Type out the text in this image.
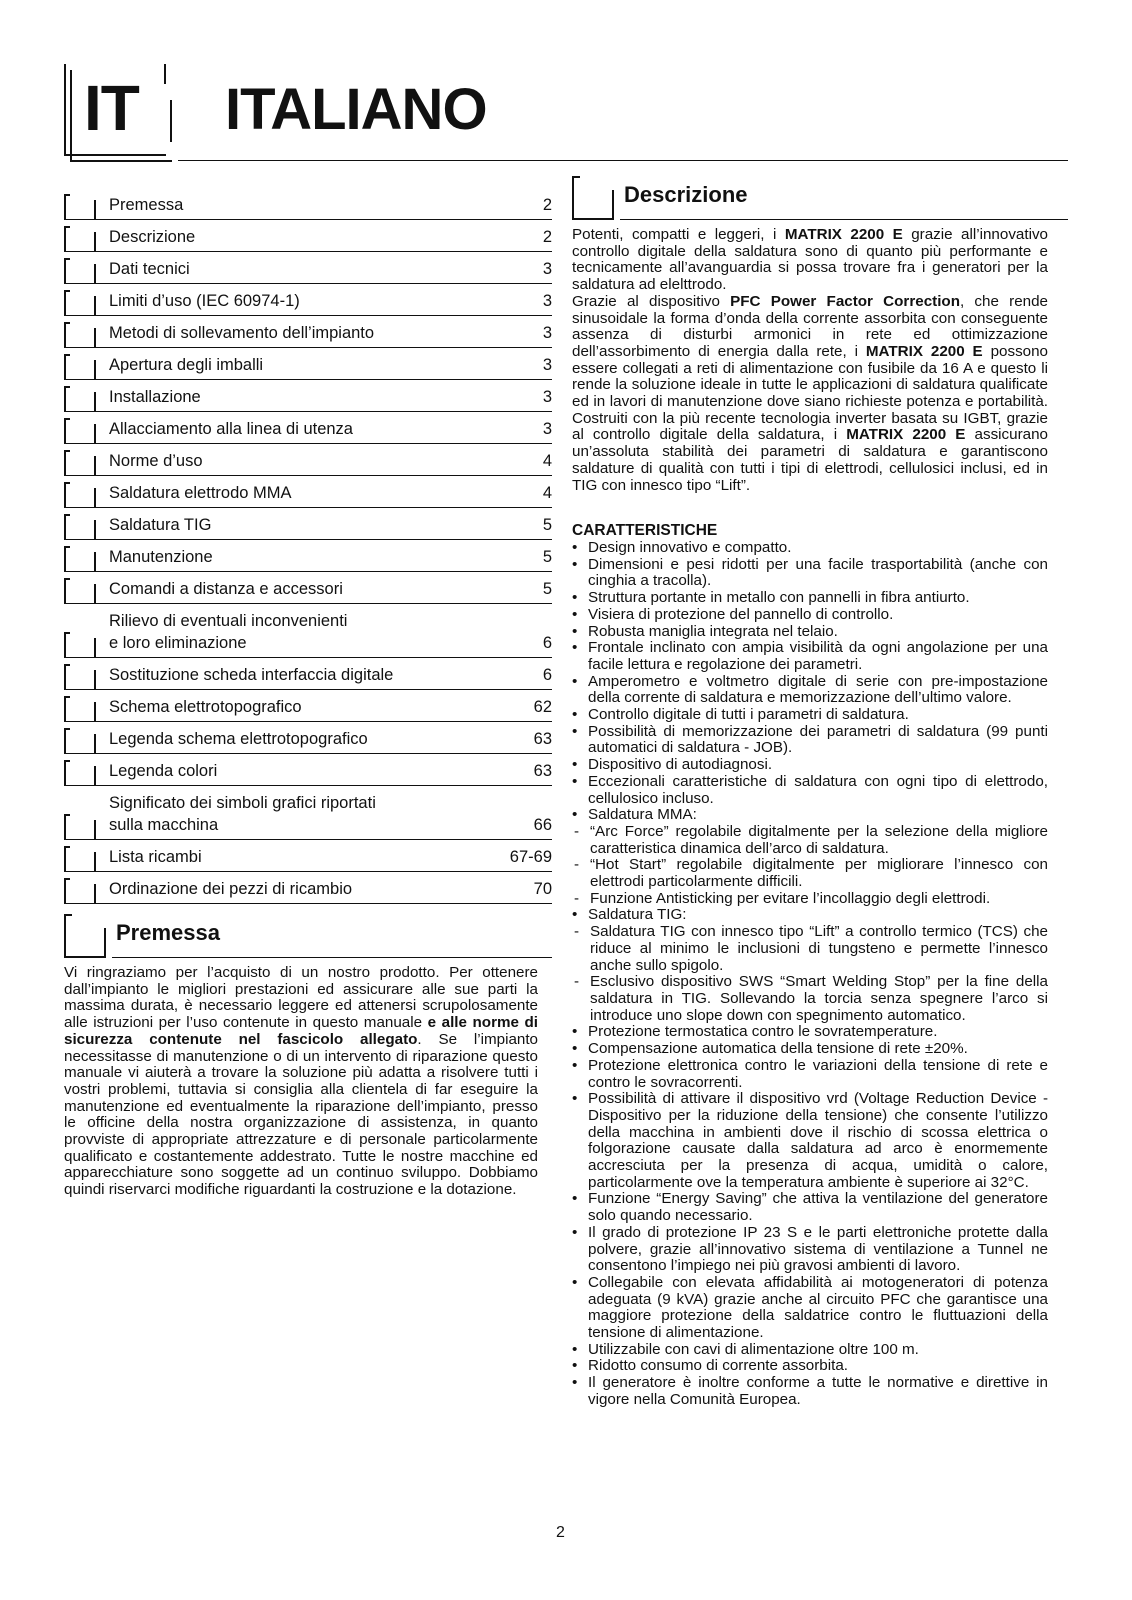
IT ITALIANO
Premessa	2
Descrizione	2
Dati tecnici	3
Limiti d’uso (IEC 60974-1)	3
Metodi di sollevamento dell’impianto	3
Apertura degli imballi	3
Installazione	3
Allacciamento alla linea di utenza	3
Norme d’uso	4
Saldatura elettrodo MMA	4
Saldatura TIG	5
Manutenzione	5
Comandi a distanza e accessori	5
Rilievo di eventuali inconvenienti
e loro eliminazione	6
Sostituzione scheda interfaccia digitale	6
Schema elettrotopografico	62
Legenda schema elettrotopografico	63
Legenda colori	63
Significato dei simboli grafici riportati
sulla macchina	66
Lista ricambi	67-69
Ordinazione dei pezzi di ricambio	70
Premessa
Vi ringraziamo per l’acquisto di un nostro prodotto. Per ottenere dall’impianto le migliori prestazioni ed assicurare alle sue parti la massima durata, è necessario leggere ed attenersi scrupolosamente alle istruzioni per l’uso contenute in questo manuale e alle norme di sicurezza contenute nel fascicolo allegato. Se l’impianto necessitasse di manutenzione o di un intervento di riparazione questo manuale vi aiuterà a trovare la soluzione più adatta a risolvere tutti i vostri problemi, tuttavia si consiglia alla clientela di far eseguire la manutenzione ed eventualmente la riparazione dell’impianto, presso le officine della nostra organizzazione di assistenza, in quanto provviste di appropriate attrezzature e di personale particolarmente qualificato e costantemente addestrato. Tutte le nostre macchine ed apparecchiature sono soggette ad un continuo sviluppo. Dobbiamo quindi riservarci modifiche riguardanti la costruzione e la dotazione.
Descrizione
Potenti, compatti e leggeri, i MATRIX 2200 E grazie all’innovativo controllo digitale della saldatura sono di quanto più performante e tecnicamente all’avanguardia si possa trovare fra i generatori per la saldatura ad elelttrodo.
Grazie al dispositivo PFC Power Factor Correction, che rende sinusoidale la forma d’onda della corrente assorbita con conseguente assenza di disturbi armonici in rete ed ottimizzazione dell’assorbimento di energia dalla rete, i MATRIX 2200 E possono essere collegati a reti di alimentazione con fusibile da 16 A e questo li rende la soluzione ideale in tutte le applicazioni di saldatura qualificate ed in lavori di manutenzione dove siano richieste potenza e portabilità. Costruiti con la più recente tecnologia inverter basata su IGBT, grazie al controllo digitale della saldatura, i MATRIX 2200 E assicurano un’assoluta stabilità dei parametri di saldatura e garantiscono saldature di qualità con tutti i tipi di elettrodi, cellulosici inclusi, ed in TIG con innesco tipo “Lift”.
CARATTERISTICHE
• Design innovativo e compatto.
• Dimensioni e pesi ridotti per una facile trasportabilità (anche con cinghia a tracolla).
• Struttura portante in metallo con pannelli in fibra antiurto.
• Visiera di protezione del pannello di controllo.
• Robusta maniglia integrata nel telaio.
• Frontale inclinato con ampia visibilità da ogni angolazione per una facile lettura e regolazione dei parametri.
• Amperometro e voltmetro digitale di serie con pre-impostazione della corrente di saldatura e memorizzazione dell’ultimo valore.
• Controllo digitale di tutti i parametri di saldatura.
• Possibilità di memorizzazione dei parametri di saldatura (99 punti automatici di saldatura - JOB).
• Dispositivo di autodiagnosi.
• Eccezionali caratteristiche di saldatura con ogni tipo di elettrodo, cellulosico incluso.
• Saldatura MMA:
- “Arc Force” regolabile digitalmente per la selezione della migliore caratteristica dinamica dell’arco di saldatura.
- “Hot Start” regolabile digitalmente per migliorare l’innesco con elettrodi particolarmente difficili.
- Funzione Antisticking per evitare l’incollaggio degli elettrodi.
• Saldatura TIG:
- Saldatura TIG con innesco tipo “Lift” a controllo termico (TCS) che riduce al minimo le inclusioni di tungsteno e permette l’innesco anche sullo spigolo.
- Esclusivo dispositivo SWS “Smart Welding Stop” per la fine della saldatura in TIG. Sollevando la torcia senza spegnere l’arco si introduce uno slope down con spegnimento automatico.
• Protezione termostatica contro le sovratemperature.
• Compensazione automatica della tensione di rete ±20%.
• Protezione elettronica contro le variazioni della tensione di rete e contro le sovracorrenti.
• Possibilità di attivare il dispositivo vrd (Voltage Reduction Device - Dispositivo per la riduzione della tensione) che consente l’utilizzo della macchina in ambienti dove il rischio di scossa elettrica o folgorazione causate dalla saldatura ad arco è enormemente accresciuta per la presenza di acqua, umidità o calore, particolarmente ove la temperatura ambiente è superiore ai 32°C.
• Funzione “Energy Saving” che attiva la ventilazione del generatore solo quando necessario.
• Il grado di protezione IP 23 S e le parti elettroniche protette dalla polvere, grazie all’innovativo sistema di ventilazione a Tunnel ne consentono l’impiego nei più gravosi ambienti di lavoro.
• Collegabile con elevata affidabilità ai motogeneratori di potenza adeguata (9 kVA) grazie anche al circuito PFC che garantisce una maggiore protezione della saldatrice contro le fluttuazioni della tensione di alimentazione.
• Utilizzabile con cavi di alimentazione oltre 100 m.
• Ridotto consumo di corrente assorbita.
• Il generatore è inoltre conforme a tutte le normative e direttive in vigore nella Comunità Europea.
2
